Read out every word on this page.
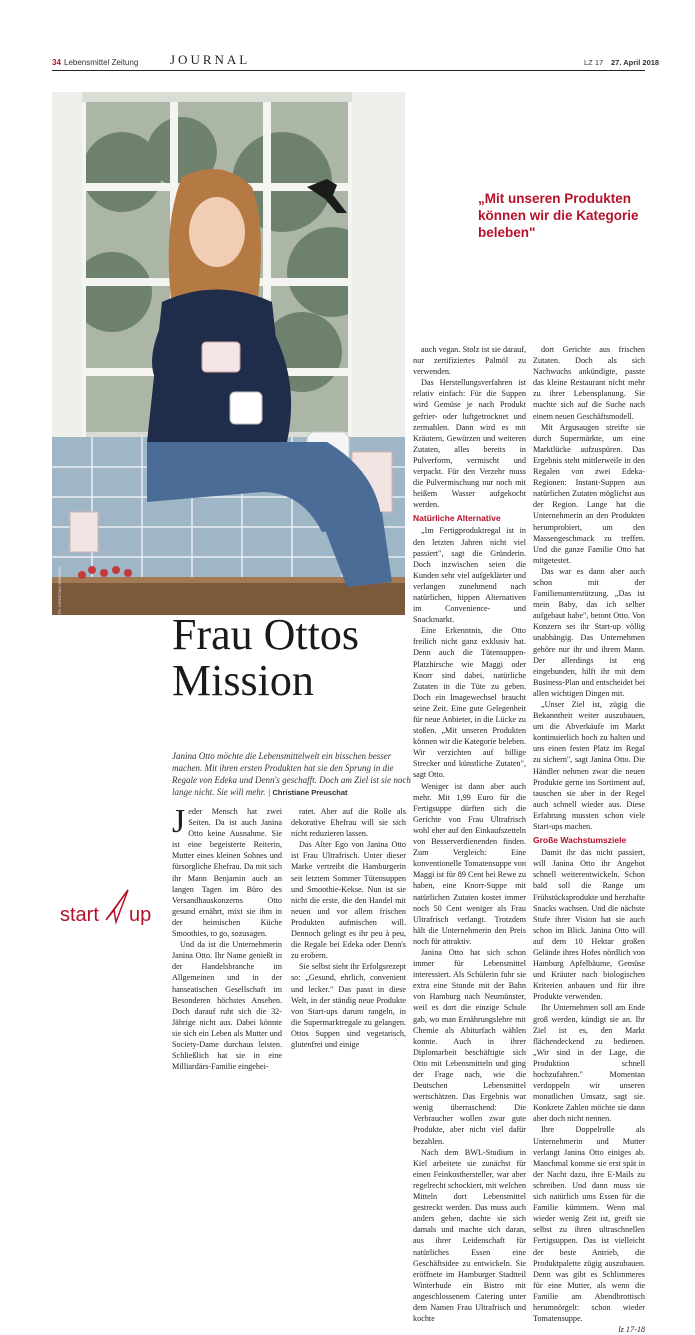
34 Lebensmittel Zeitung JOURNAL	LZ 17 27. April 2018
FOTO: CHRISTIAN IRRGANG
„Mit unseren Produkten können wir die Kategorie beleben"
Frau Ottos Mission
Janina Otto möchte die Lebensmittelwelt ein bisschen besser machen. Mit ihren ersten Produkten hat sie den Sprung in die Regale von Edeka und Denn's geschafft. Doch am Ziel ist sie noch lange nicht. Sie will mehr. | Christiane Preuschat
start up

Jeder Mensch hat zwei Seiten. Da ist auch Janina Otto keine Ausnahme. Sie ist eine begeisterte Reiterin, Mutter eines kleinen Sohnes und fürsorgliche Ehefrau. Da mit sich ihr Mann Benjamin auch an langen Tagen im Büro des Versandhauskonzerns Otto gesund ernährt, mixt sie ihm in der heimischen Küche Smoothies, to go, sozusagen.

Und da ist die Unternehmerin Janina Otto. Ihr Name genießt in der Handelsbranche im Allgemeinen und in der hanseatischen Gesellschaft im Besonderen höchstes Ansehen. Doch darauf ruht sich die 32-Jährige nicht aus. Dabei könnte sie sich ein Leben als Mutter und Society-Dame durchaus leisten. Schließlich hat sie in eine Milliardärs-Familie eingehei-

ratet. Aber auf die Rolle als dekorative Ehefrau will sie sich nicht reduzieren lassen.

Das Alter Ego von Janina Otto ist Frau Ultrafrisch. Unter dieser Marke vertreibt die Hamburgerin seit letztem Sommer Tütensuppen und Smoothie-Kekse. Nun ist sie nicht die erste, die den Handel mit neuen und vor allem frischen Produkten aufmischen will. Dennoch gelingt es ihr peu à peu, die Regale bei Edeka oder Denn's zu erobern.

Sie selbst sieht ihr Erfolgsrezept so: „Gesund, ehrlich, convenient und lecker." Das passt in diese Welt, in der ständig neue Produkte von Start-ups darum rangeln, in die Supermarktregale zu gelangen. Ottos Suppen sind vegetarisch, glutenfrei und einige

auch vegan. Stolz ist sie darauf, nur zertifiziertes Palmöl zu verwenden.

Das Herstellungsverfahren ist relativ einfach: Für die Suppen wird Gemüse je nach Produkt gefrier- oder luftgetrocknet und zermahlen. Dann wird es mit Kräutern, Gewürzen und weiteren Zutaten, alles bereits in Pulverform, vermischt und verpackt. Für den Verzehr muss die Pulvermischung nur noch mit heißem Wasser aufgekocht werden.

Natürliche Alternative

„Im Fertigproduktregal ist in den letzten Jahren nicht viel passiert", sagt die Gründerin. Doch inzwischen seien die Kunden sehr viel aufgeklärter und verlangen zunehmend nach natürlichen, hippen Alternativen im Convenience- und Snackmarkt.

Eine Erkenntnis, die Otto freilich nicht ganz exklusiv hat. Denn auch die Tütensuppen-Platzhirsche wie Maggi oder Knorr sind dabei, natürliche Zutaten in die Tüte zu geben. Doch ein Imagewechsel braucht seine Zeit. Eine gute Gelegenheit für neue Anbieter, in die Lücke zu stoßen. „Mit unseren Produkten können wir die Kategorie beleben. Wir verzichten auf billige Strecker und künstliche Zutaten", sagt Otto.

Weniger ist dann aber auch mehr. Mit 1,99 Euro für die Fertigsuppe dürften sich die Gerichte von Frau Ultrafrisch wohl eher auf den Einkaufszetteln von Besserverdienenden finden. Zum Vergleich: Eine konventionelle Tomatensuppe von Maggi ist für 89 Cent bei Rewe zu haben, eine Knorr-Suppe mit natürlichen Zutaten kostet immer noch 50 Cent weniger als Frau Ultrafrisch verlangt. Trotzdem hält die Unternehmerin den Preis noch für attraktiv.

Janina Otto hat sich schon immer für Lebensmittel interessiert. Als Schülerin fuhr sie extra eine Stunde mit der Bahn von Hamburg nach Neumünster, weil es dort die einzige Schule gab, wo man Ernährungslehre mit Chemie als Abiturfach wählen konnte. Auch in ihrer Diplomarbeit beschäftigte sich Otto mit Lebensmitteln und ging der Frage nach, wie die Deutschen Lebensmittel wertschätzen. Das Ergebnis war wenig überraschend: Die Verbraucher wollen zwar gute Produkte, aber nicht viel dafür bezahlen.

Nach dem BWL-Studium in Kiel arbeitete sie zunächst für einen Feinkosthersteller, war aber regelrecht schockiert, mit welchen Mitteln dort Lebensmittel gestreckt werden. Das muss auch anders gehen, dachte sie sich damals und machte sich daran, aus ihrer Leidenschaft für natürliches Essen eine Geschäftsidee zu entwickeln. Sie eröffnete im Hamburger Stadtteil Winterhude ein Bistro mit angeschlossenem Catering unter dem Namen Frau Ultrafrisch und kochte

dort Gerichte aus frischen Zutaten. Doch als sich Nachwuchs ankündigte, passte das kleine Restaurant nicht mehr zu ihrer Lebensplanung. Sie machte sich auf die Suche nach einem neuen Geschäftsmodell.

Mit Argusaugen streifte sie durch Supermärkte, um eine Marktlücke aufzuspüren. Das Ergebnis steht mittlerweile in den Regalen von zwei Edeka-Regionen: Instant-Suppen aus natürlichen Zutaten möglichst aus der Region. Lange hat die Unternehmerin an den Produkten herumprobiert, um den Massengeschmack zu treffen. Und die ganze Familie Otto hat mitgetestet.

Das war es dann aber auch schon mit der Familienunterstützung. „Das ist mein Baby, das ich selber aufgebaut habe", betont Otto. Von Konzern sei ihr Start-up völlig unabhängig. Das Unternehmen gehöre nur ihr und ihrem Mann. Der allerdings ist eng eingebunden, hilft ihr mit dem Business-Plan und entscheidet bei allen wichtigen Dingen mit.

„Unser Ziel ist, zügig die Bekanntheit weiter auszubauen, um die Abverkäufe im Markt kontinuierlich hoch zu halten und uns einen festen Platz im Regal zu sichern", sagt Janina Otto. Die Händler nehmen zwar die neuen Produkte gerne ins Sortiment auf, tauschen sie aber in der Regel auch schnell wieder aus. Diese Erfahrung mussten schon viele Start-ups machen.

Große Wachstumsziele

Damit ihr das nicht passiert, will Janina Otto ihr Angebot schnell weiterentwickeln. Schon bald soll die Range um Frühstücksprodukte und herzhafte Snacks wachsen. Und die nächste Stufe ihrer Vision hat sie auch schon im Blick. Janina Otto will auf dem 10 Hektar großen Gelände ihres Hofes nördlich von Hamburg Apfelbäume, Gemüse und Kräuter nach biologischen Kriterien anbauen und für ihre Produkte verwenden.

Ihr Unternehmen soll am Ende groß werden, kündigt sie an. Ihr Ziel ist es, den Markt flächendeckend zu bedienen. „Wir sind in der Lage, die Produktion schnell hochzufahren." Momentan verdoppeln wir unseren monatlichen Umsatz, sagt sie. Konkrete Zahlen möchte sie dann aber doch nicht nennen.

Ihre Doppelrolle als Unternehmerin und Mutter verlangt Janina Otto einiges ab. Manchmal komme sie erst spät in der Nacht dazu, ihre E-Mails zu schreiben. Und dann muss sie sich natürlich ums Essen für die Familie kümmern. Wenn mal wieder wenig Zeit ist, greift sie selbst zu ihren ultraschnellen Fertigsuppen. Das ist vielleicht der beste Antrieb, die Produktpalette zügig auszubauen. Denn was gibt es Schlimmeres für eine Mutter, als wenn die Familie am Abendbrottisch herumnörgelt: schon wieder Tomatensuppe.

lz 17-18
